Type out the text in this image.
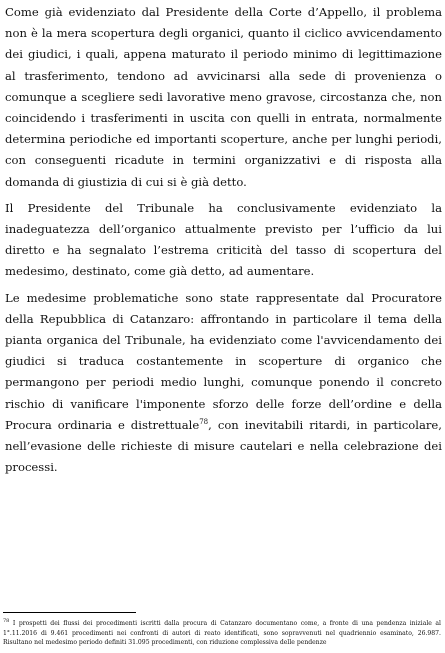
Come già evidenziato dal Presidente della Corte d’Appello, il problema non è la mera scopertura degli organici, quanto il ciclico avvicendamento dei giudici, i quali, appena maturato il periodo minimo di legittimazione al trasferimento, tendono ad avvicinarsi alla sede di provenienza o comunque a scegliere sedi lavorative meno gravose, circostanza che, non coincidendo i trasferimenti in uscita con quelli in entrata, normalmente determina periodiche ed importanti scoperture, anche per lunghi periodi, con conseguenti ricadute in termini organizzativi e di risposta alla domanda di giustizia di cui si è già detto.

Il Presidente del Tribunale ha conclusivamente evidenziato la inadeguatezza dell’organico attualmente previsto per l’ufficio da lui diretto e ha segnalato l’estrema criticità del tasso di scopertura del medesimo, destinato, come già detto, ad aumentare.

Le medesime problematiche sono state rappresentate dal Procuratore della Repubblica di Catanzaro: affrontando in particolare il tema della pianta organica del Tribunale, ha evidenziato come l'avvicendamento dei giudici si traduca costantemente in scoperture di organico che permangono per periodi medio lunghi, comunque ponendo il concreto rischio di vanificare l'imponente sforzo delle forze dell’ordine e della Procura ordinaria e distrettuale$^{78}$, con inevitabili ritardi, in particolare, nell’evasione delle richieste di misure cautelari e nella celebrazione dei processi.

$^{78}$ I prospetti dei flussi dei procedimenti iscritti dalla procura di Catanzaro documentano come, a fronte di una pendenza iniziale al 1°.11.2016 di 9.461 procedimenti nei confronti di autori di reato identificati, sono sopravvenuti nel quadriennio esaminato, 26.987. Risultano nel medesimo periodo definiti 31.095 procedimenti, con riduzione complessiva delle pendenze
